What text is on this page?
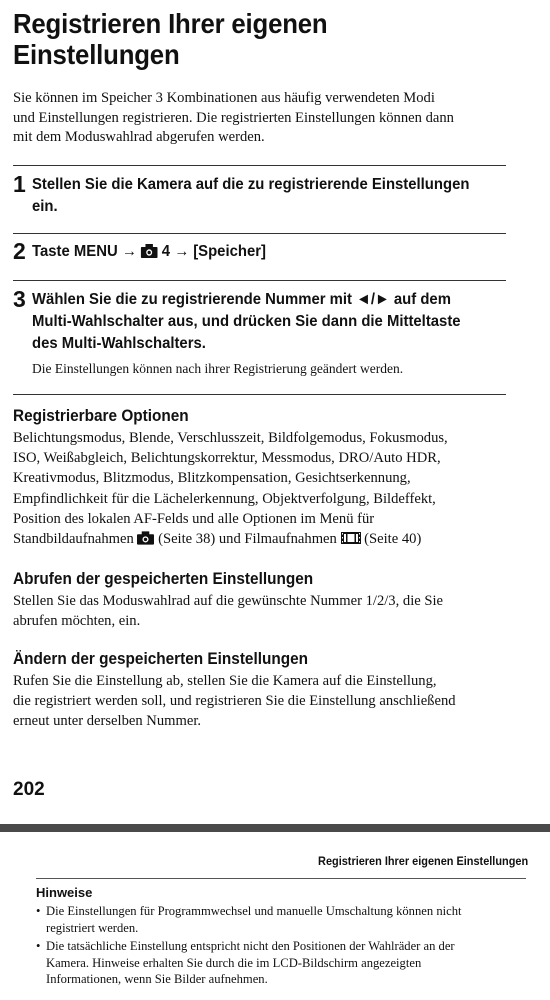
Registrieren Ihrer eigenen
Einstellungen
Sie können im Speicher 3 Kombinationen aus häufig verwendeten Modi
und Einstellungen registrieren. Die registrierten Einstellungen können dann
mit dem Moduswahlrad abgerufen werden.
1 Stellen Sie die Kamera auf die zu registrierende Einstellungen
ein.
2 Taste MENU → 4 → [Speicher]
3 Wählen Sie die zu registrierende Nummer mit ◄/► auf dem
Multi-Wahlschalter aus, und drücken Sie dann die Mitteltaste
des Multi-Wahlschalters.
Die Einstellungen können nach ihrer Registrierung geändert werden.
Registrierbare Optionen
Belichtungsmodus, Blende, Verschlusszeit, Bildfolgemodus, Fokusmodus,
ISO, Weißabgleich, Belichtungskorrektur, Messmodus, DRO/Auto HDR,
Kreativmodus, Blitzmodus, Blitzkompensation, Gesichtserkennung,
Empfindlichkeit für die Lächelerkennung, Objektverfolgung, Bildeffekt,
Position des lokalen AF-Felds und alle Optionen im Menü für
Standbildaufnahmen (Seite 38) und Filmaufnahmen (Seite 40)
Abrufen der gespeicherten Einstellungen
Stellen Sie das Moduswahlrad auf die gewünschte Nummer 1/2/3, die Sie
abrufen möchten, ein.
Ändern der gespeicherten Einstellungen
Rufen Sie die Einstellung ab, stellen Sie die Kamera auf die Einstellung,
die registriert werden soll, und registrieren Sie die Einstellung anschließend
erneut unter derselben Nummer.
202
Registrieren Ihrer eigenen Einstellungen
Hinweise
• Die Einstellungen für Programmwechsel und manuelle Umschaltung können nicht
registriert werden.
• Die tatsächliche Einstellung entspricht nicht den Positionen der Wahlräder an der
Kamera. Hinweise erhalten Sie durch die im LCD-Bildschirm angezeigten
Informationen, wenn Sie Bilder aufnehmen.
